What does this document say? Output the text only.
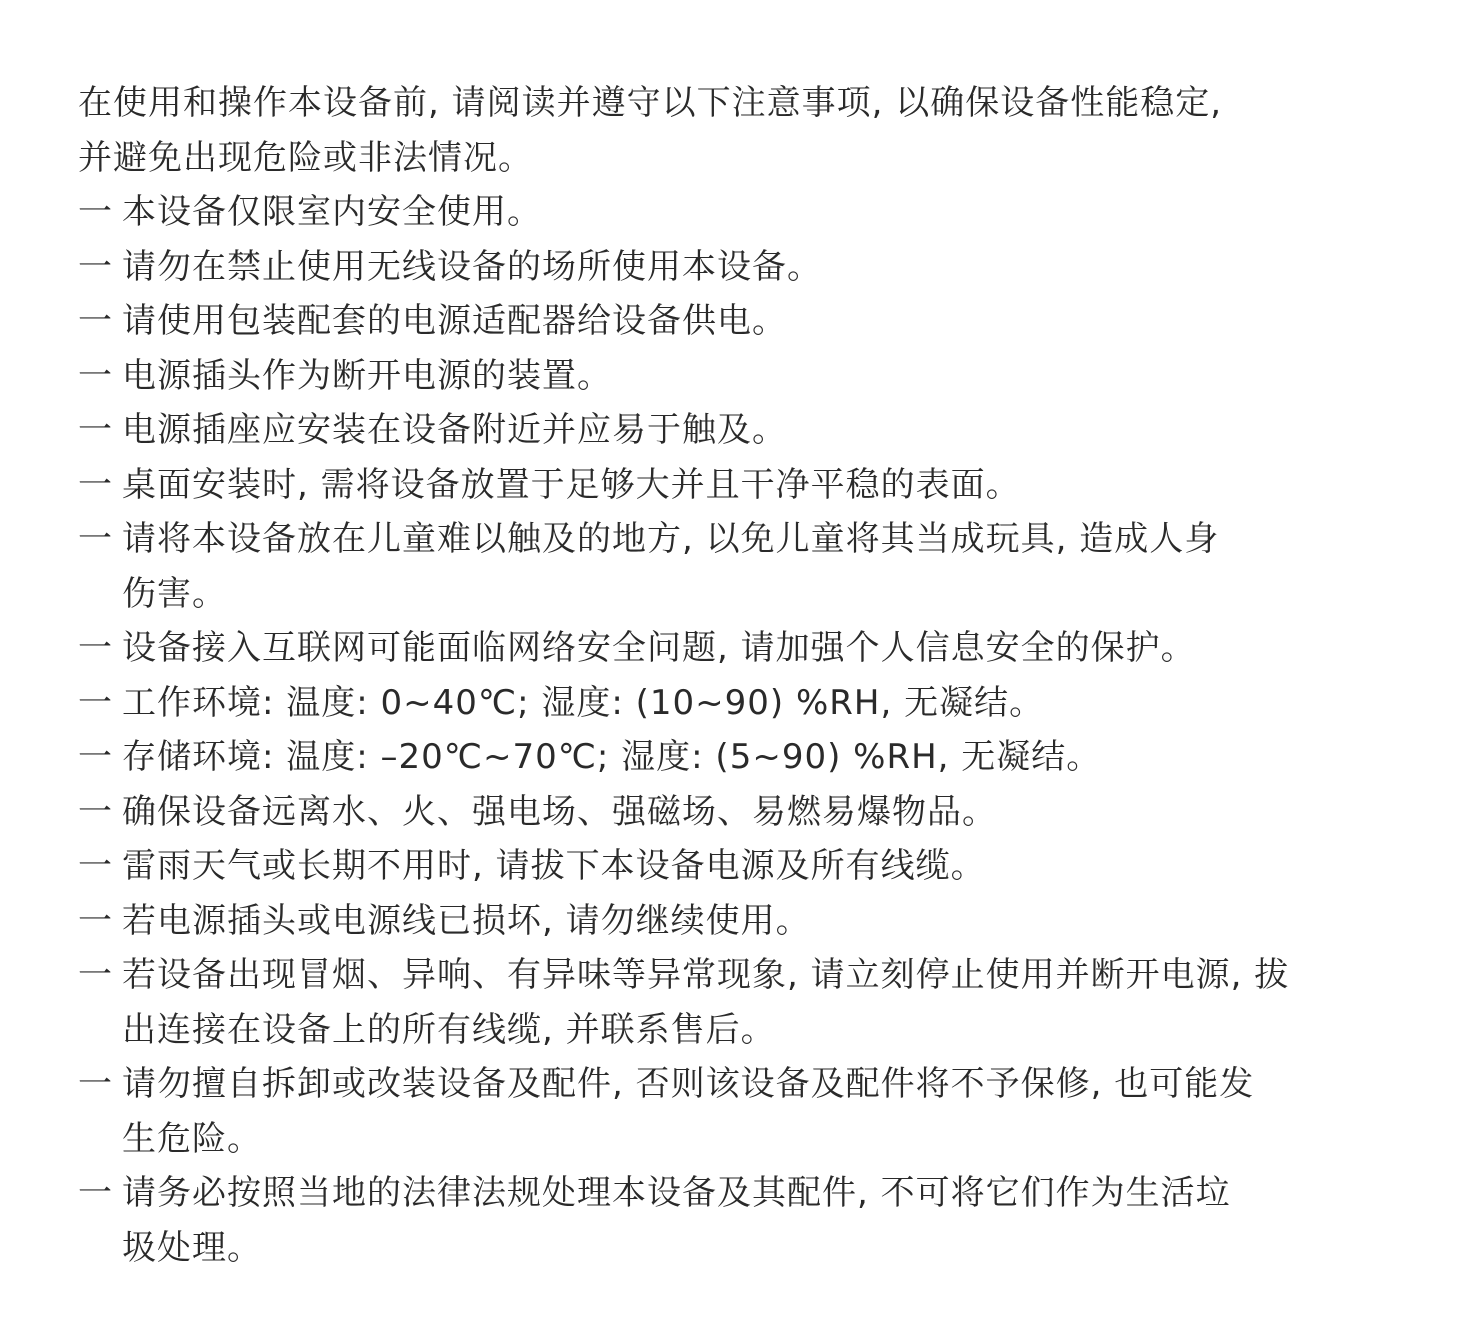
在使用和操作本设备前, 请阅读并遵守以下注意事项, 以确保设备性能稳定,
并避免出现危险或非法情况。

一 本设备仅限室内安全使用。
一 请勿在禁止使用无线设备的场所使用本设备。
一 请使用包装配套的电源适配器给设备供电。
一 电源插头作为断开电源的装置。
一 电源插座应安装在设备附近并应易于触及。
一 桌面安装时, 需将设备放置于足够大并且干净平稳的表面。
一 请将本设备放在儿童难以触及的地方, 以免儿童将其当成玩具, 造成人身
伤害。
一 设备接入互联网可能面临网络安全问题, 请加强个人信息安全的保护。
一 工作环境: 温度: 0~40℃; 湿度: (10~90) %RH, 无凝结。
一 存储环境: 温度: –20℃~70℃; 湿度: (5~90) %RH, 无凝结。
一 确保设备远离水、火、强电场、强磁场、易燃易爆物品。
一 雷雨天气或长期不用时, 请拔下本设备电源及所有线缆。
一 若电源插头或电源线已损坏, 请勿继续使用。
一 若设备出现冒烟、异响、有异味等异常现象, 请立刻停止使用并断开电源, 拔
出连接在设备上的所有线缆, 并联系售后。
一 请勿擅自拆卸或改装设备及配件, 否则该设备及配件将不予保修, 也可能发
生危险。
一 请务必按照当地的法律法规处理本设备及其配件, 不可将它们作为生活垃
圾处理。
